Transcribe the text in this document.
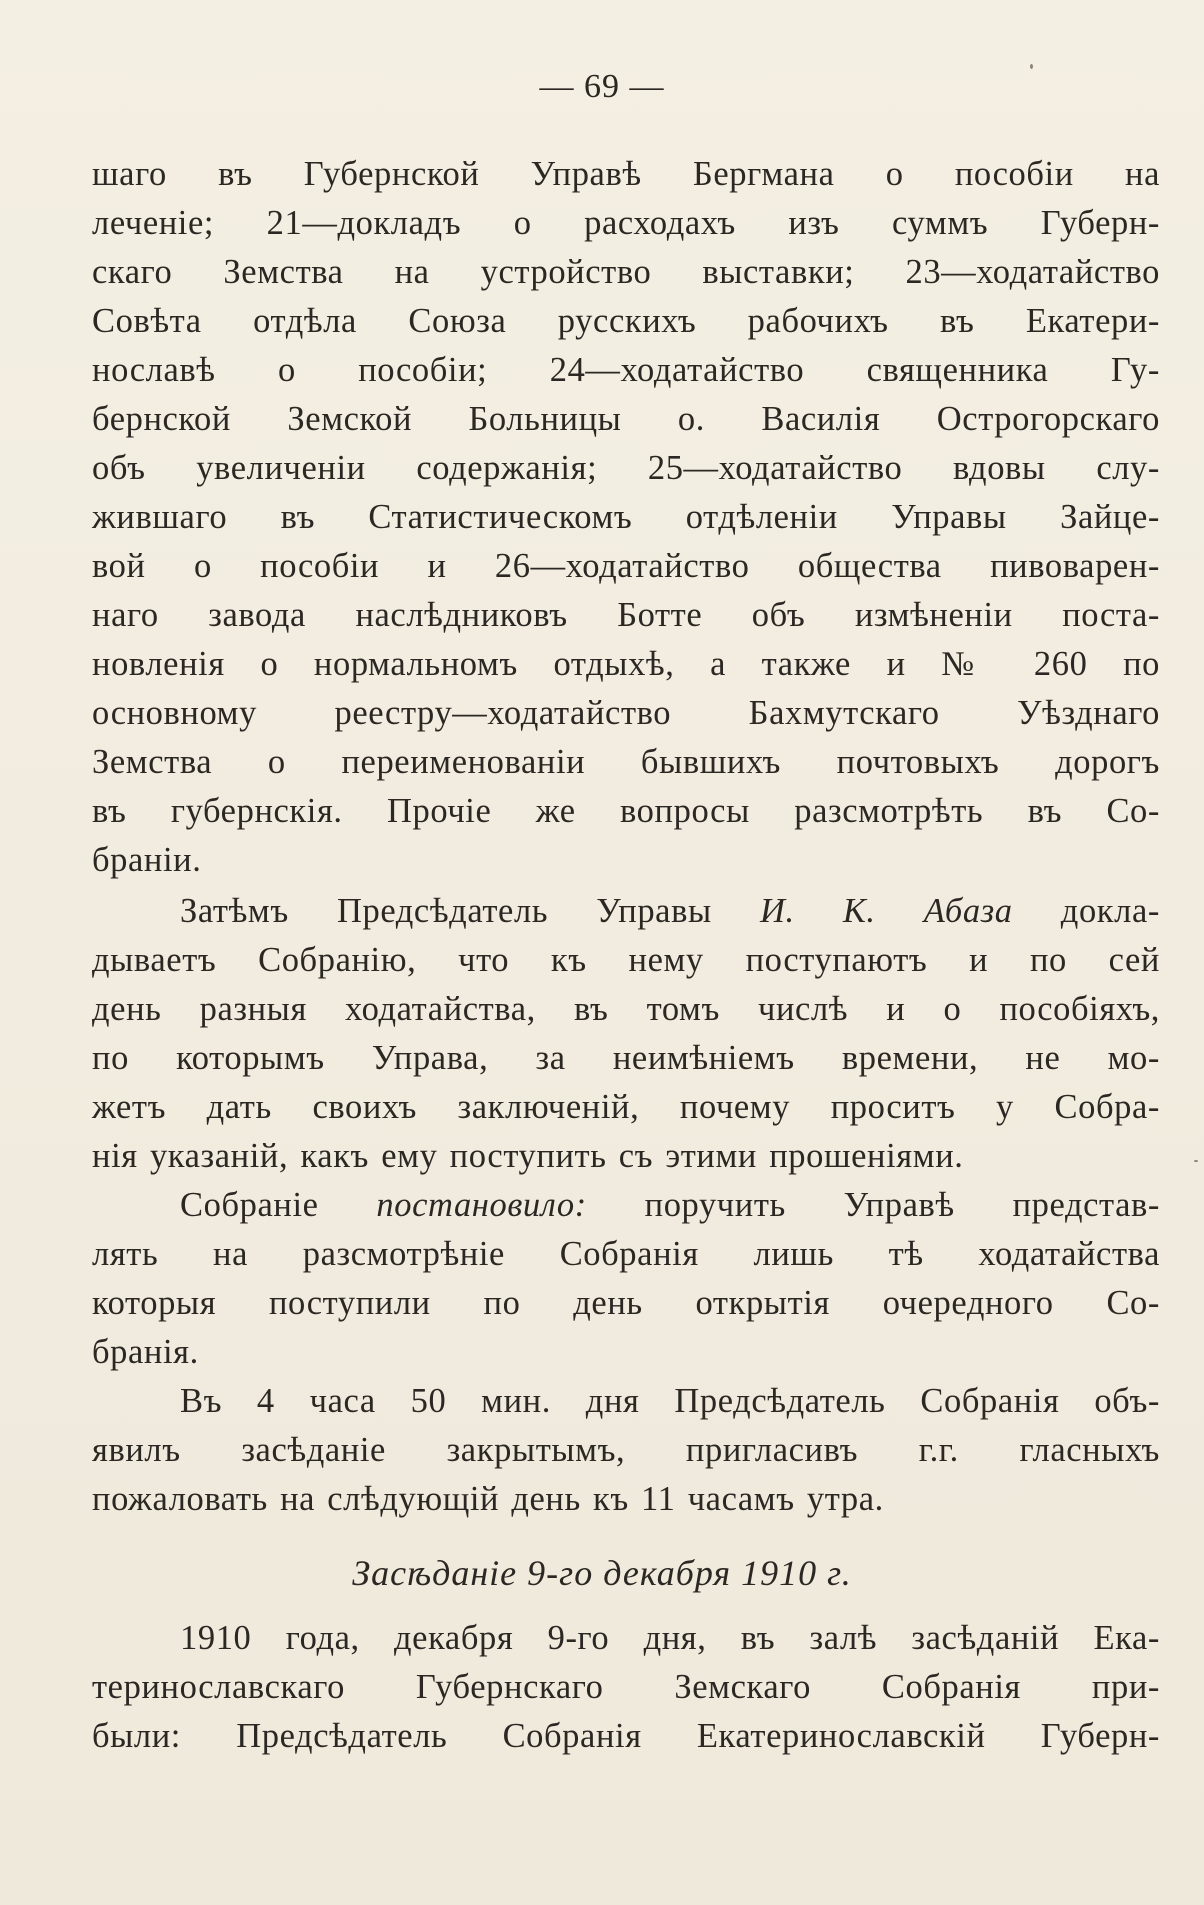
— 69 —
шаго въ Губернской Управѣ Бергмана о пособіи на
леченіе; 21—докладъ о расходахъ изъ суммъ Губерн-
скаго Земства на устройство выставки; 23—ходатайство
Совѣта отдѣла Союза русскихъ рабочихъ въ Екатери-
нославѣ о пособіи; 24—ходатайство священника Гу-
бернской Земской Больницы о. Василія Острогорскаго
объ увеличеніи содержанія; 25—ходатайство вдовы слу-
жившаго въ Статистическомъ отдѣленіи Управы Зайце-
вой о пособіи и 26—ходатайство общества пивоварен-
наго завода наслѣдниковъ Ботте объ измѣненіи поста-
новленія о нормальномъ отдыхѣ, а также и № 260 по
основному реестру—ходатайство Бахмутскаго Уѣзднаго
Земства о переименованіи бывшихъ почтовыхъ дорогъ
въ губернскія. Прочіе же вопросы разсмотрѣть въ Со-
браніи.
Затѣмъ Предсѣдатель Управы И. К. Абаза докла-
дываетъ Собранію, что къ нему поступаютъ и по сей
день разныя ходатайства, въ томъ числѣ и о пособіяхъ,
по которымъ Управа, за неимѣніемъ времени, не мо-
жетъ дать своихъ заключеній, почему проситъ у Собра-
нія указаній, какъ ему поступить съ этими прошеніями.
Собраніе постановило: поручить Управѣ представ-
лять на разсмотрѣніе Собранія лишь тѣ ходатайства
которыя поступили по день открытія очередного Со-
бранія.
Въ 4 часа 50 мин. дня Предсѣдатель Собранія объ-
явилъ засѣданіе закрытымъ, пригласивъ г.г. гласныхъ
пожаловать на слѣдующій день къ 11 часамъ утра.
Засѣданіе 9-го декабря 1910 г.
1910 года, декабря 9-го дня, въ залѣ засѣданій Ека-
теринославскаго Губернскаго Земскаго Собранія при-
были: Предсѣдатель Собранія Екатеринославскій Губерн-
